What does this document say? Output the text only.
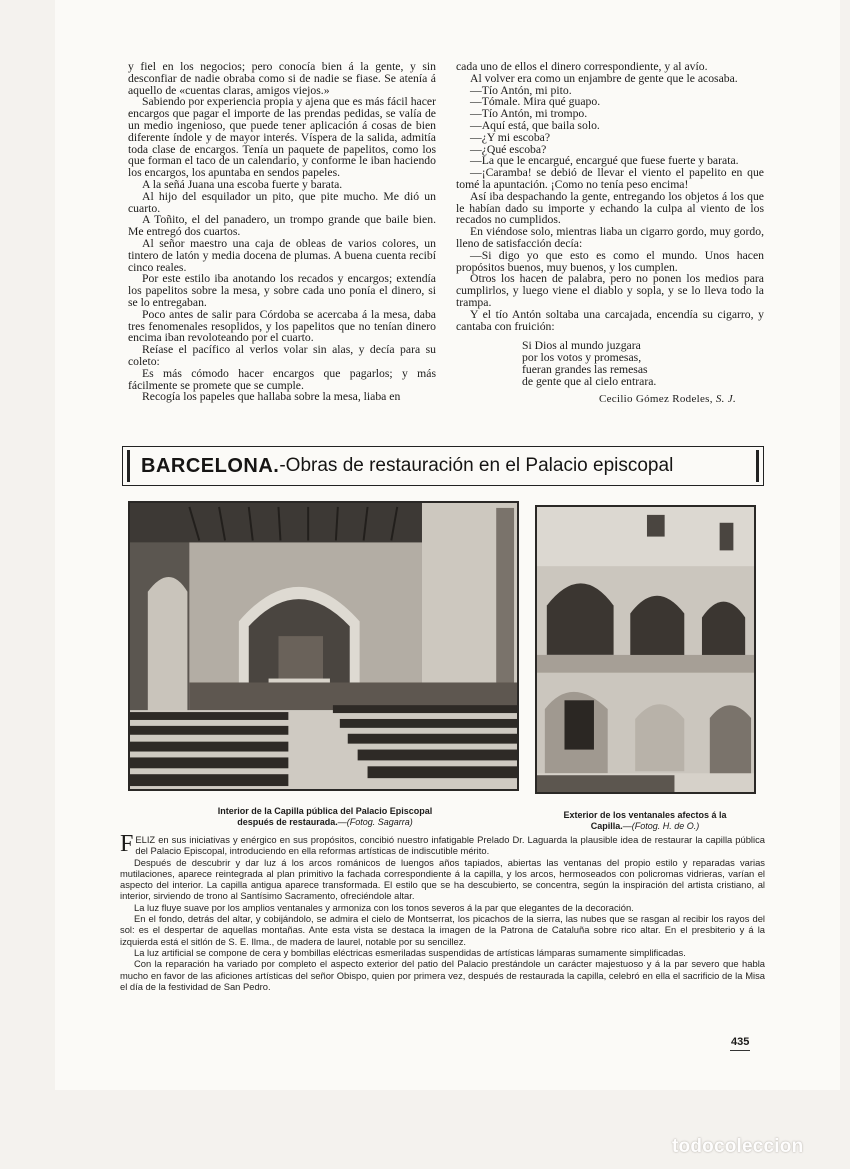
y fiel en los negocios; pero conocía bien á la gente, y sin desconfiar de nadie obraba como si de nadie se fiase. Se atenía á aquello de «cuentas claras, amigos viejos.»

Sabiendo por experiencia propia y ajena que es más fácil hacer encargos que pagar el importe de las prendas pedidas, se valía de un medio ingenioso, que puede tener aplicación á cosas de bien diferente índole y de mayor interés. Víspera de la salida, admitía toda clase de encargos. Tenía un paquete de papelitos, como los que forman el taco de un calendario, y conforme le iban haciendo los encargos, los apuntaba en sendos papeles.

A la señá Juana una escoba fuerte y barata.

Al hijo del esquilador un pito, que pite mucho. Me dió un cuarto.

A Toñito, el del panadero, un trompo grande que baile bien. Me entregó dos cuartos.

Al señor maestro una caja de obleas de varios colores, un tintero de latón y media docena de plumas. A buena cuenta recibí cinco reales.

Por este estilo iba anotando los recados y encargos; extendía los papelitos sobre la mesa, y sobre cada uno ponía el dinero, si se lo entregaban.

Poco antes de salir para Córdoba se acercaba á la mesa, daba tres fenomenales resoplidos, y los papelitos que no tenían dinero encima iban revoloteando por el cuarto.

Reíase el pacífico al verlos volar sin alas, y decía para su coleto:

Es más cómodo hacer encargos que pagarlos; y más fácilmente se promete que se cumple.

Recogía los papeles que hallaba sobre la mesa, liaba en

cada uno de ellos el dinero correspondiente, y al avío.

Al volver era como un enjambre de gente que le acosaba.

—Tío Antón, mi pito.

—Tómale. Mira qué guapo.

—Tío Antón, mi trompo.

—Aquí está, que baila solo.

—¿Y mi escoba?

—¿Qué escoba?

—La que le encargué, encargué que fuese fuerte y barata.

—¡Caramba! se debió de llevar el viento el papelito en que tomé la apuntación. ¡Como no tenía peso encima!

Así iba despachando la gente, entregando los objetos á los que le habían dado su importe y echando la culpa al viento de los recados no cumplidos.

En viéndose solo, mientras liaba un cigarro gordo, muy gordo, lleno de satisfacción decía:

—Si digo yo que esto es como el mundo. Unos hacen propósitos buenos, muy buenos, y los cumplen.

Otros los hacen de palabra, pero no ponen los medios para cumplirlos, y luego viene el diablo y sopla, y se lo lleva todo la trampa.

Y el tío Antón soltaba una carcajada, encendía su cigarro, y cantaba con fruición:

Si Dios al mundo juzgara
por los votos y promesas,
fueran grandes las remesas
de gente que al cielo entrara.
Cecilio Gómez Rodeles, S. J.
BARCELONA. -Obras de restauración en el Palacio episcopal
Interior de la Capilla pública del Palacio Episcopal
después de restaurada.—(Fotog. Sagarra)
Exterior de los ventanales afectos á la
Capilla.—(Fotog. H. de O.)

FELIZ en sus iniciativas y enérgico en sus propósitos, concibió nuestro infatigable Prelado Dr. Laguarda la plausible idea de restaurar la capilla pública del Palacio Episcopal, introduciendo en ella reformas artísticas de indiscutible mérito.

Después de descubrir y dar luz á los arcos románicos de luengos años tapiados, abiertas las ventanas del propio estilo y reparadas varias mutilaciones, aparece reintegrada al plan primitivo la fachada correspondiente á la capilla, y los arcos, hermoseados con policromas vidrieras, varían el aspecto del interior. La capilla antigua aparece transformada. El estilo que se ha descubierto, se concentra, según la inspiración del artista cristiano, al interior, sirviendo de trono al Santísimo Sacramento, ofreciéndole altar.

La luz fluye suave por los amplios ventanales y armoniza con los tonos severos á la par que elegantes de la decoración.

En el fondo, detrás del altar, y cobijándolo, se admira el cielo de Montserrat, los picachos de la sierra, las nubes que se rasgan al recibir los rayos del sol: es el despertar de aquellas montañas. Ante esta vista se destaca la imagen de la Patrona de Cataluña sobre rico altar. En el presbiterio y á la izquierda está el sitlón de S. E. Ilma., de madera de laurel, notable por su sencillez.

La luz artificial se compone de cera y bombillas eléctricas esmeriladas suspendidas de artísticas lámparas sumamente simplificadas.

Con la reparación ha variado por completo el aspecto exterior del patio del Palacio prestándole un carácter majestuoso y á la par severo que habla mucho en favor de las aficiones artísticas del señor Obispo, quien por primera vez, después de restaurada la capilla, celebró en ella el sacrificio de la Misa el día de la festividad de San Pedro.

435
todocoleccion
